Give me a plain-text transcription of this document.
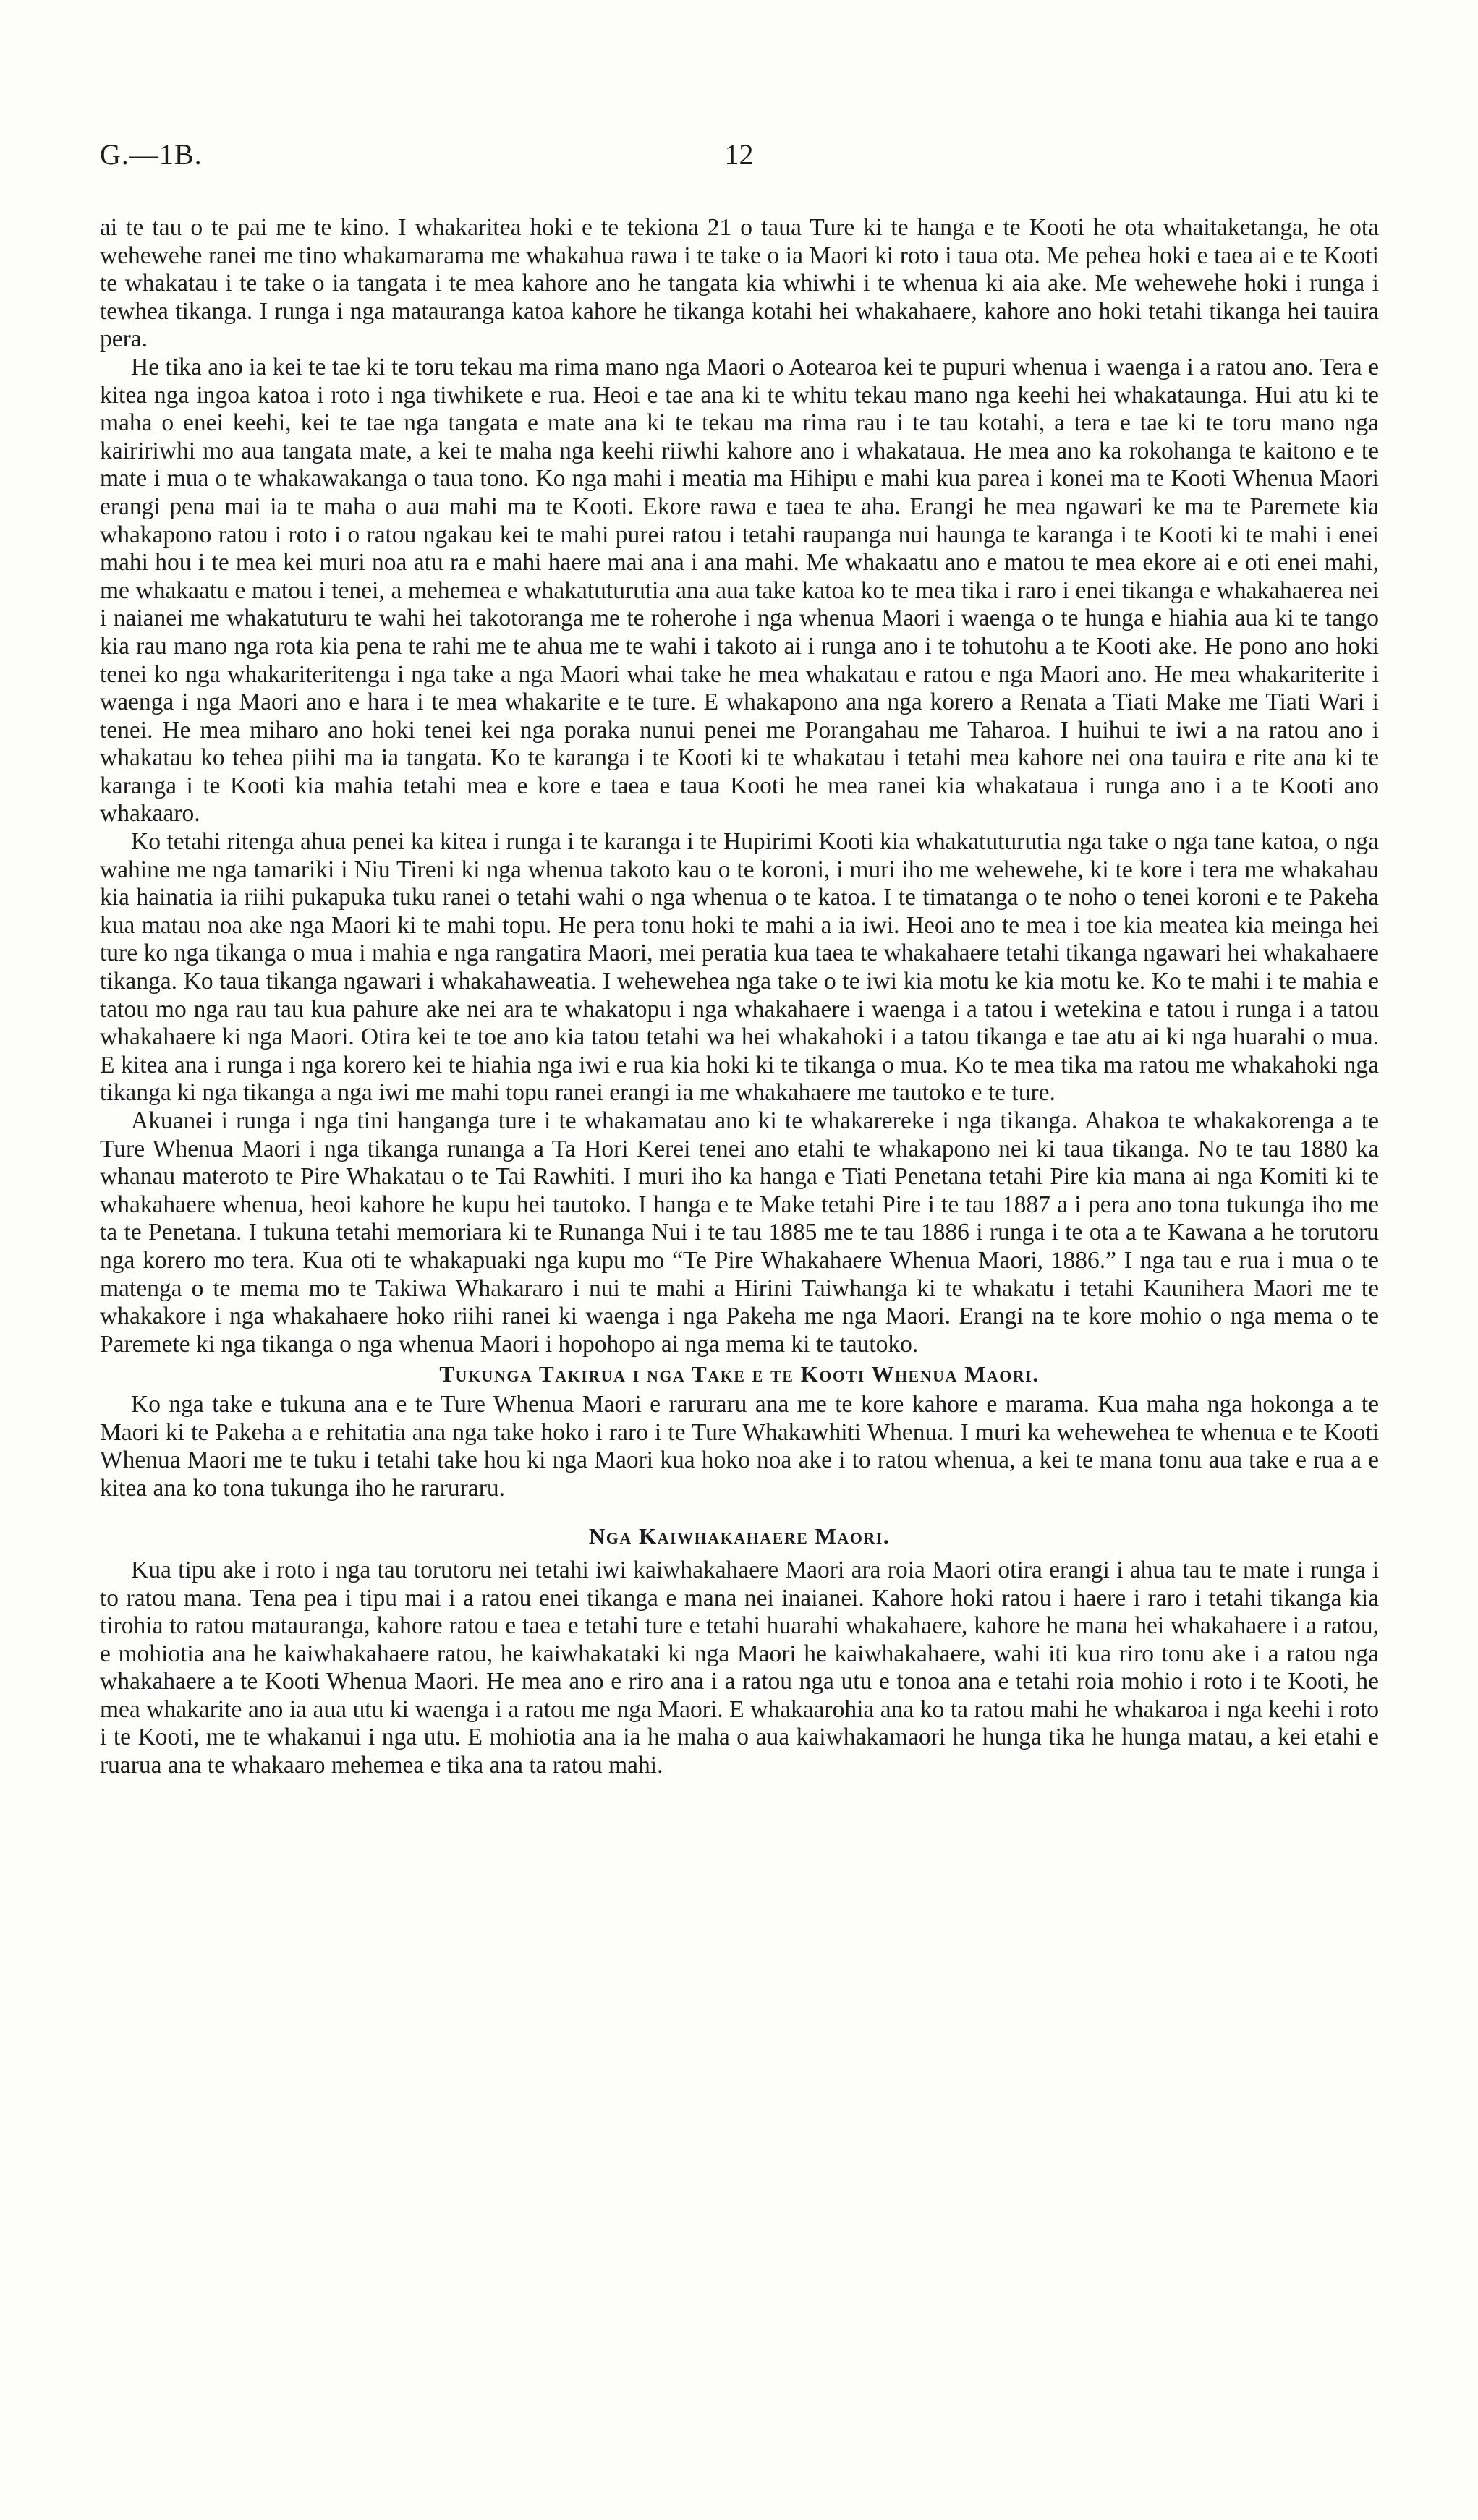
G.—1B.	12

ai te tau o te pai me te kino. I whakaritea hoki e te tekiona 21 o taua Ture ki te hanga e te Kooti he ota whaitaketanga, he ota wehewehe ranei me tino whakamarama me whakahua rawa i te take o ia Maori ki roto i taua ota. Me pehea hoki e taea ai e te Kooti te whakatau i te take o ia tangata i te mea kahore ano he tangata kia whiwhi i te whenua ki aia ake. Me wehewehe hoki i runga i tewhea tikanga. I runga i nga matauranga katoa kahore he tikanga kotahi hei whakahaere, kahore ano hoki tetahi tikanga hei tauira pera.

He tika ano ia kei te tae ki te toru tekau ma rima mano nga Maori o Aotearoa kei te pupuri whenua i waenga i a ratou ano. Tera e kitea nga ingoa katoa i roto i nga tiwhikete e rua. Heoi e tae ana ki te whitu tekau mano nga keehi hei whakataunga. Hui atu ki te maha o enei keehi, kei te tae nga tangata e mate ana ki te tekau ma rima rau i te tau kotahi, a tera e tae ki te toru mano nga kaiririwhi mo aua tangata mate, a kei te maha nga keehi riiwhi kahore ano i whakataua. He mea ano ka rokohanga te kaitono e te mate i mua o te whakawakanga o taua tono. Ko nga mahi i meatia ma Hihipu e mahi kua parea i konei ma te Kooti Whenua Maori erangi pena mai ia te maha o aua mahi ma te Kooti. Ekore rawa e taea te aha. Erangi he mea ngawari ke ma te Paremete kia whakapono ratou i roto i o ratou ngakau kei te mahi purei ratou i tetahi raupanga nui haunga te karanga i te Kooti ki te mahi i enei mahi hou i te mea kei muri noa atu ra e mahi haere mai ana i ana mahi. Me whakaatu ano e matou te mea ekore ai e oti enei mahi, me whakaatu e matou i tenei, a mehemea e whakatuturutia ana aua take katoa ko te mea tika i raro i enei tikanga e whakahaerea nei i naianei me whakatuturu te wahi hei takotoranga me te roherohe i nga whenua Maori i waenga o te hunga e hiahia aua ki te tango kia rau mano nga rota kia pena te rahi me te ahua me te wahi i takoto ai i runga ano i te tohutohu a te Kooti ake. He pono ano hoki tenei ko nga whakariteritenga i nga take a nga Maori whai take he mea whakatau e ratou e nga Maori ano. He mea whakariterite i waenga i nga Maori ano e hara i te mea whakarite e te ture. E whakapono ana nga korero a Renata a Tiati Make me Tiati Wari i tenei. He mea miharo ano hoki tenei kei nga poraka nunui penei me Porangahau me Taharoa. I huihui te iwi a na ratou ano i whakatau ko tehea piihi ma ia tangata. Ko te karanga i te Kooti ki te whakatau i tetahi mea kahore nei ona tauira e rite ana ki te karanga i te Kooti kia mahia tetahi mea e kore e taea e taua Kooti he mea ranei kia whakataua i runga ano i a te Kooti ano whakaaro.

Ko tetahi ritenga ahua penei ka kitea i runga i te karanga i te Hupirimi Kooti kia whakatuturutia nga take o nga tane katoa, o nga wahine me nga tamariki i Niu Tireni ki nga whenua takoto kau o te koroni, i muri iho me wehewehe, ki te kore i tera me whakahau kia hainatia ia riihi pukapuka tuku ranei o tetahi wahi o nga whenua o te katoa. I te timatanga o te noho o tenei koroni e te Pakeha kua matau noa ake nga Maori ki te mahi topu. He pera tonu hoki te mahi a ia iwi. Heoi ano te mea i toe kia meatea kia meinga hei ture ko nga tikanga o mua i mahia e nga rangatira Maori, mei peratia kua taea te whakahaere tetahi tikanga ngawari hei whakahaere tikanga. Ko taua tikanga ngawari i whakahaweatia. I wehewehea nga take o te iwi kia motu ke kia motu ke. Ko te mahi i te mahia e tatou mo nga rau tau kua pahure ake nei ara te whakatopu i nga whakahaere i waenga i a tatou i wetekina e tatou i runga i a tatou whakahaere ki nga Maori. Otira kei te toe ano kia tatou tetahi wa hei whakahoki i a tatou tikanga e tae atu ai ki nga huarahi o mua. E kitea ana i runga i nga korero kei te hiahia nga iwi e rua kia hoki ki te tikanga o mua. Ko te mea tika ma ratou me whakahoki nga tikanga ki nga tikanga a nga iwi me mahi topu ranei erangi ia me whakahaere me tautoko e te ture.

Akuanei i runga i nga tini hanganga ture i te whakamatau ano ki te whakarereke i nga tikanga. Ahakoa te whakakorenga a te Ture Whenua Maori i nga tikanga runanga a Ta Hori Kerei tenei ano etahi te whakapono nei ki taua tikanga. No te tau 1880 ka whanau materoto te Pire Whakatau o te Tai Rawhiti. I muri iho ka hanga e Tiati Penetana tetahi Pire kia mana ai nga Komiti ki te whakahaere whenua, heoi kahore he kupu hei tautoko. I hanga e te Make tetahi Pire i te tau 1887 a i pera ano tona tukunga iho me ta te Penetana. I tukuna tetahi memoriara ki te Runanga Nui i te tau 1885 me te tau 1886 i runga i te ota a te Kawana a he torutoru nga korero mo tera. Kua oti te whakapuaki nga kupu mo “Te Pire Whakahaere Whenua Maori, 1886.” I nga tau e rua i mua o te matenga o te mema mo te Takiwa Whakararo i nui te mahi a Hirini Taiwhanga ki te whakatu i tetahi Kaunihera Maori me te whakakore i nga whakahaere hoko riihi ranei ki waenga i nga Pakeha me nga Maori. Erangi na te kore mohio o nga mema o te Paremete ki nga tikanga o nga whenua Maori i hopohopo ai nga mema ki te tautoko.

Tukunga Takirua i nga Take e te Kooti Whenua Maori.

Ko nga take e tukuna ana e te Ture Whenua Maori e raruraru ana me te kore kahore e marama. Kua maha nga hokonga a te Maori ki te Pakeha a e rehitatia ana nga take hoko i raro i te Ture Whakawhiti Whenua. I muri ka wehewehea te whenua e te Kooti Whenua Maori me te tuku i tetahi take hou ki nga Maori kua hoko noa ake i to ratou whenua, a kei te mana tonu aua take e rua a e kitea ana ko tona tukunga iho he raruraru.

Nga Kaiwhakahaere Maori.

Kua tipu ake i roto i nga tau torutoru nei tetahi iwi kaiwhakahaere Maori ara roia Maori otira erangi i ahua tau te mate i runga i to ratou mana. Tena pea i tipu mai i a ratou enei tikanga e mana nei inaianei. Kahore hoki ratou i haere i raro i tetahi tikanga kia tirohia to ratou matauranga, kahore ratou e taea e tetahi ture e tetahi huarahi whakahaere, kahore he mana hei whakahaere i a ratou, e mohiotia ana he kaiwhakahaere ratou, he kaiwhakataki ki nga Maori he kaiwhakahaere, wahi iti kua riro tonu ake i a ratou nga whakahaere a te Kooti Whenua Maori. He mea ano e riro ana i a ratou nga utu e tonoa ana e tetahi roia mohio i roto i te Kooti, he mea whakarite ano ia aua utu ki waenga i a ratou me nga Maori. E whakaarohia ana ko ta ratou mahi he whakaroa i nga keehi i roto i te Kooti, me te whakanui i nga utu. E mohiotia ana ia he maha o aua kaiwhakamaori he hunga tika he hunga matau, a kei etahi e ruarua ana te whakaaro mehemea e tika ana ta ratou mahi.
